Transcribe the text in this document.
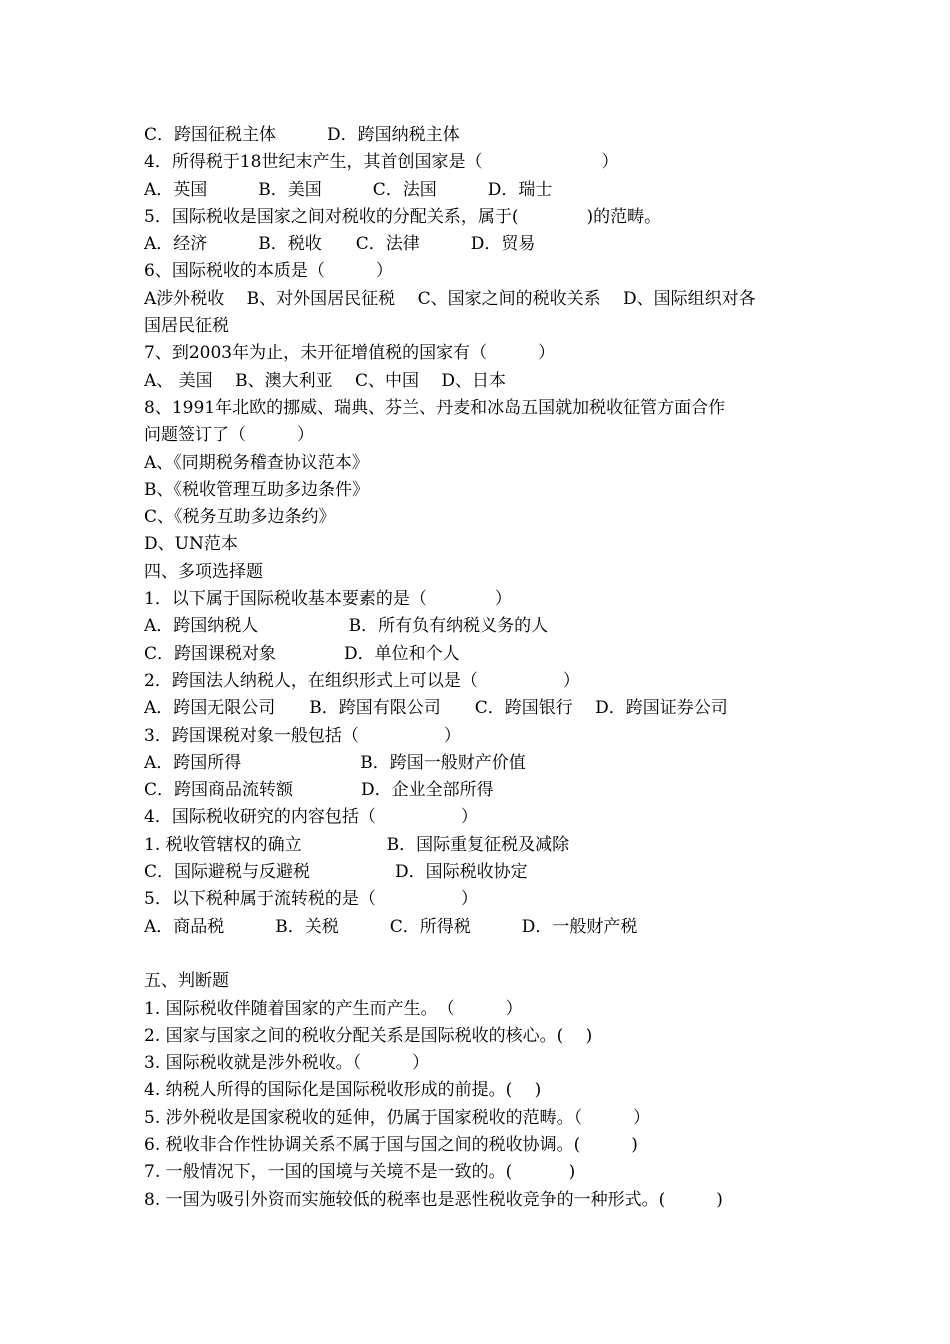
C．跨国征税主体　　　D．跨国纳税主体
4．所得税于18世纪末产生，其首创国家是（　　　　　　　）
A．英国　　　B．美国　　　C．法国　　　D．瑞士
5．国际税收是国家之间对税收的分配关系，属于(　　　　)的范畴。
A．经济　　　B．税收　　C．法律　　　D．贸易
6、国际税收的本质是（　　　）
A涉外税收　 B、对外国居民征税　 C、国家之间的税收关系　 D、国际组织对各
国居民征税
7、到2003年为止，未开征增值税的国家有（　　　）
A、 美国　 B、澳大利亚　 C、中国　 D、日本
8、1991年北欧的挪威、瑞典、芬兰、丹麦和冰岛五国就加税收征管方面合作
问题签订了（　　　）
A、《同期税务稽查协议范本》
B、《税收管理互助多边条件》
C、《税务互助多边条约》
D、UN范本
四、多项选择题
1．以下属于国际税收基本要素的是（　　　　）
A．跨国纳税人　　　　　 B．所有负有纳税义务的人
C．跨国课税对象　　　　D．单位和个人
2．跨国法人纳税人，在组织形式上可以是（　　　　　）
A．跨国无限公司　　B．跨国有限公司　　C．跨国银行　 D．跨国证券公司
3．跨国课税对象一般包括（　　　　　）
A．跨国所得　　　　　　　B．跨国一般财产价值
C．跨国商品流转额　　　　D．企业全部所得
4．国际税收研究的内容包括（　　　　　）
1. 税收管辖权的确立　　　　　B．国际重复征税及减除
C．国际避税与反避税　　　　　D．国际税收协定
5．以下税种属于流转税的是（　　　　　）
A．商品税　　　B．关税　　　C．所得税　　　D．一般财产税
五、判断题
1. 国际税收伴随着国家的产生而产生。　（　　　）
2. 国家与国家之间的税收分配关系是国际税收的核心。(　 )
3. 国际税收就是涉外税收。（　　　）
4. 纳税人所得的国际化是国际税收形成的前提。(　 )
5. 涉外税收是国家税收的延伸，仍属于国家税收的范畴。（　　　）
6. 税收非合作性协调关系不属于国与国之间的税收协调。(　　　)
7. 一般情况下，一国的国境与关境不是一致的。(　　　 )
8. 一国为吸引外资而实施较低的税率也是恶性税收竞争的一种形式。(　　　)
